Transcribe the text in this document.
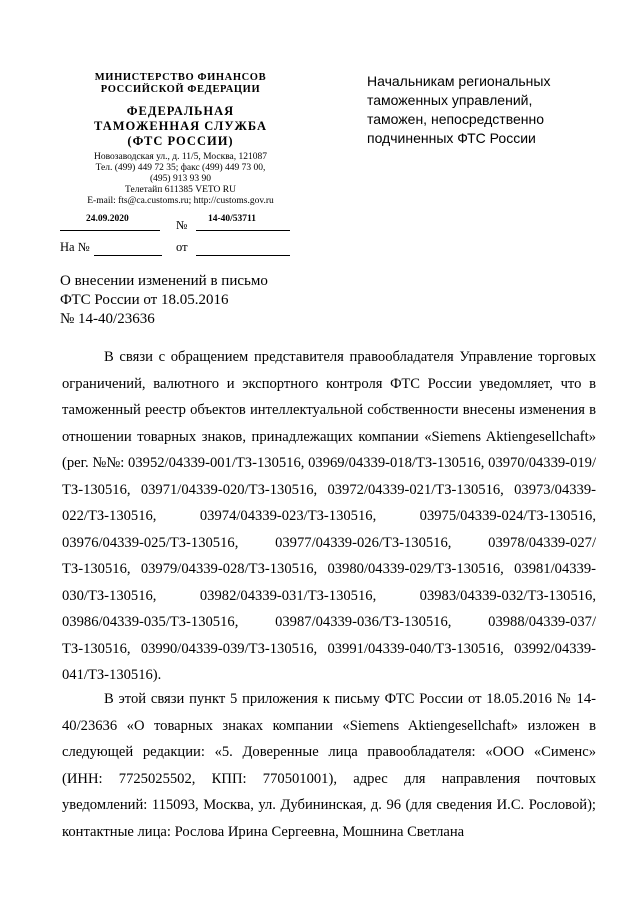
МИНИСТЕРСТВО ФИНАНСОВ
РОССИЙСКОЙ ФЕДЕРАЦИИ
ФЕДЕРАЛЬНАЯ
ТАМОЖЕННАЯ СЛУЖБА
(ФТС РОССИИ)
Новозаводская ул., д. 11/5, Москва, 121087
Тел. (499) 449 72 35; факс (499) 449 73 00,
(495) 913 93 90
Телетайп 611385 VETO RU
E-mail: fts@ca.customs.ru; http://customs.gov.ru
24.09.2020	№ 14-40/53711
На №	от
Начальникам региональных
таможенных управлений,
таможен, непосредственно
подчиненных ФТС России
О внесении изменений в письмо
ФТС России от 18.05.2016
№ 14-40/23636

В связи с обращением представителя правообладателя Управление торговых ограничений, валютного и экспортного контроля ФТС России уведомляет, что в таможенный реестр объектов интеллектуальной собственности внесены изменения в отношении товарных знаков, принадлежащих компании «Siemens Aktiengesellchaft» (рег. №№: 03952/04339-001/ТЗ-130516, 03969/04339-018/ТЗ-130516, 03970/04339-019/ТЗ-130516, 03971/04339-020/ТЗ-130516, 03972/04339-021/ТЗ-130516, 03973/04339-022/ТЗ-130516, 03974/04339-023/ТЗ-130516, 03975/04339-024/ТЗ-130516, 03976/04339-025/ТЗ-130516, 03977/04339-026/ТЗ-130516, 03978/04339-027/ТЗ-130516, 03979/04339-028/ТЗ-130516, 03980/04339-029/ТЗ-130516, 03981/04339-030/ТЗ-130516, 03982/04339-031/ТЗ-130516, 03983/04339-032/ТЗ-130516, 03986/04339-035/ТЗ-130516, 03987/04339-036/ТЗ-130516, 03988/04339-037/ТЗ-130516, 03990/04339-039/ТЗ-130516, 03991/04339-040/ТЗ-130516, 03992/04339-041/ТЗ-130516).

В этой связи пункт 5 приложения к письму ФТС России от 18.05.2016 № 14-40/23636 «О товарных знаках компании «Siemens Aktiengesellchaft» изложен в следующей редакции: «5. Доверенные лица правообладателя: «ООО «Сименс» (ИНН: 7725025502, КПП: 770501001), адрес для направления почтовых уведомлений: 115093, Москва, ул. Дубининская, д. 96 (для сведения И.С. Рословой); контактные лица: Рослова Ирина Сергеевна, Мошнина Светлана
